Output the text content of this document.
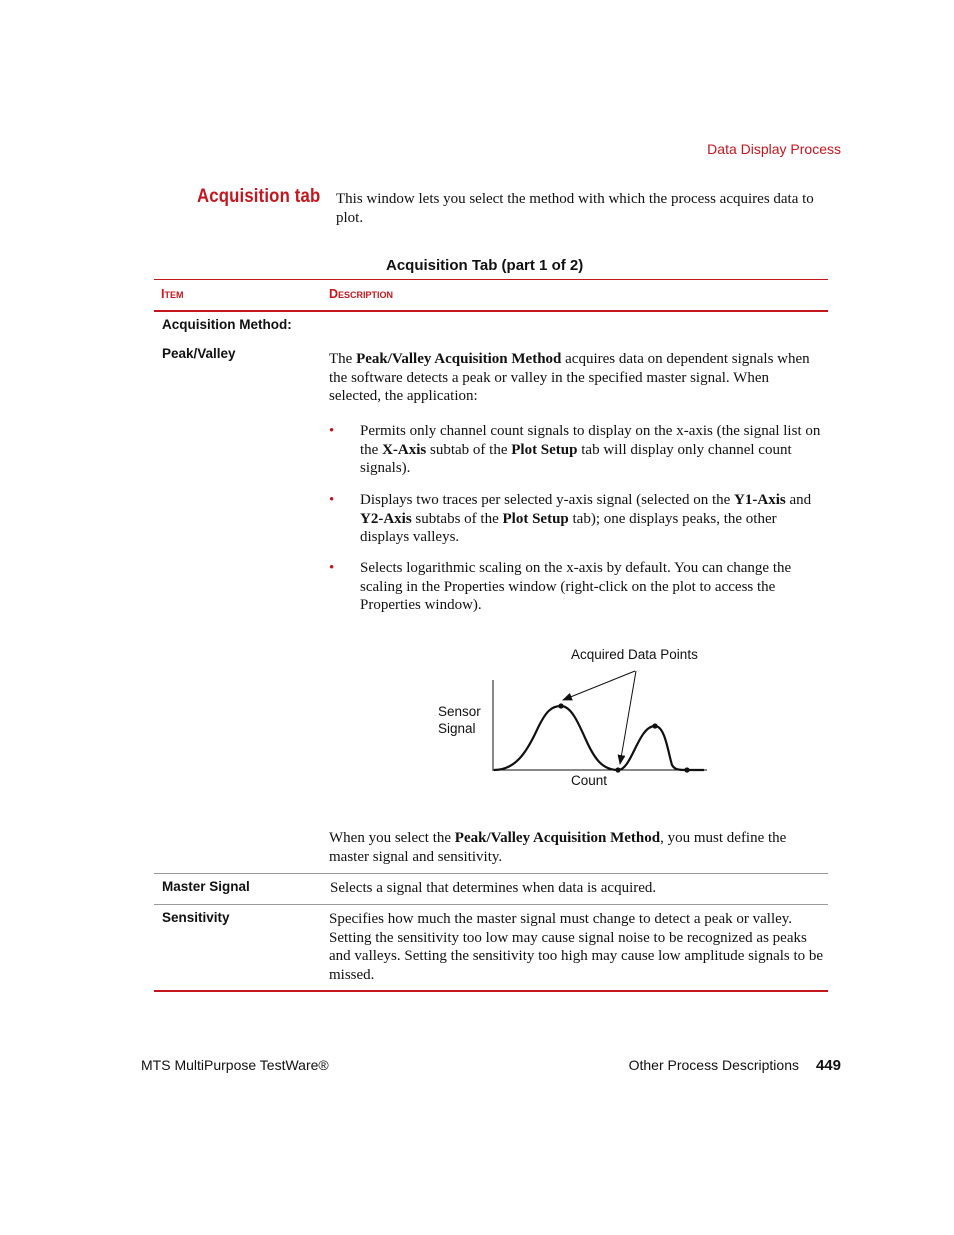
Data Display Process
Acquisition tab This window lets you select the method with which the process acquires data to plot.
Acquisition Tab (part 1 of 2)
Item	Description
Acquisition Method:
Peak/Valley	The Peak/Valley Acquisition Method acquires data on dependent signals when the software detects a peak or valley in the specified master signal. When selected, the application:
• Permits only channel count signals to display on the x-axis (the signal list on the X-Axis subtab of the Plot Setup tab will display only channel count signals).
• Displays two traces per selected y-axis signal (selected on the Y1-Axis and Y2-Axis subtabs of the Plot Setup tab); one displays peaks, the other displays valleys.
• Selects logarithmic scaling on the x-axis by default. You can change the scaling in the Properties window (right-click on the plot to access the Properties window).
Acquired Data Points
Sensor
Signal
Count
When you select the Peak/Valley Acquisition Method, you must define the master signal and sensitivity.
Master Signal	Selects a signal that determines when data is acquired.
Sensitivity	Specifies how much the master signal must change to detect a peak or valley. Setting the sensitivity too low may cause signal noise to be recognized as peaks and valleys. Setting the sensitivity too high may cause low amplitude signals to be missed.
MTS MultiPurpose TestWare®	Other Process Descriptions 449
